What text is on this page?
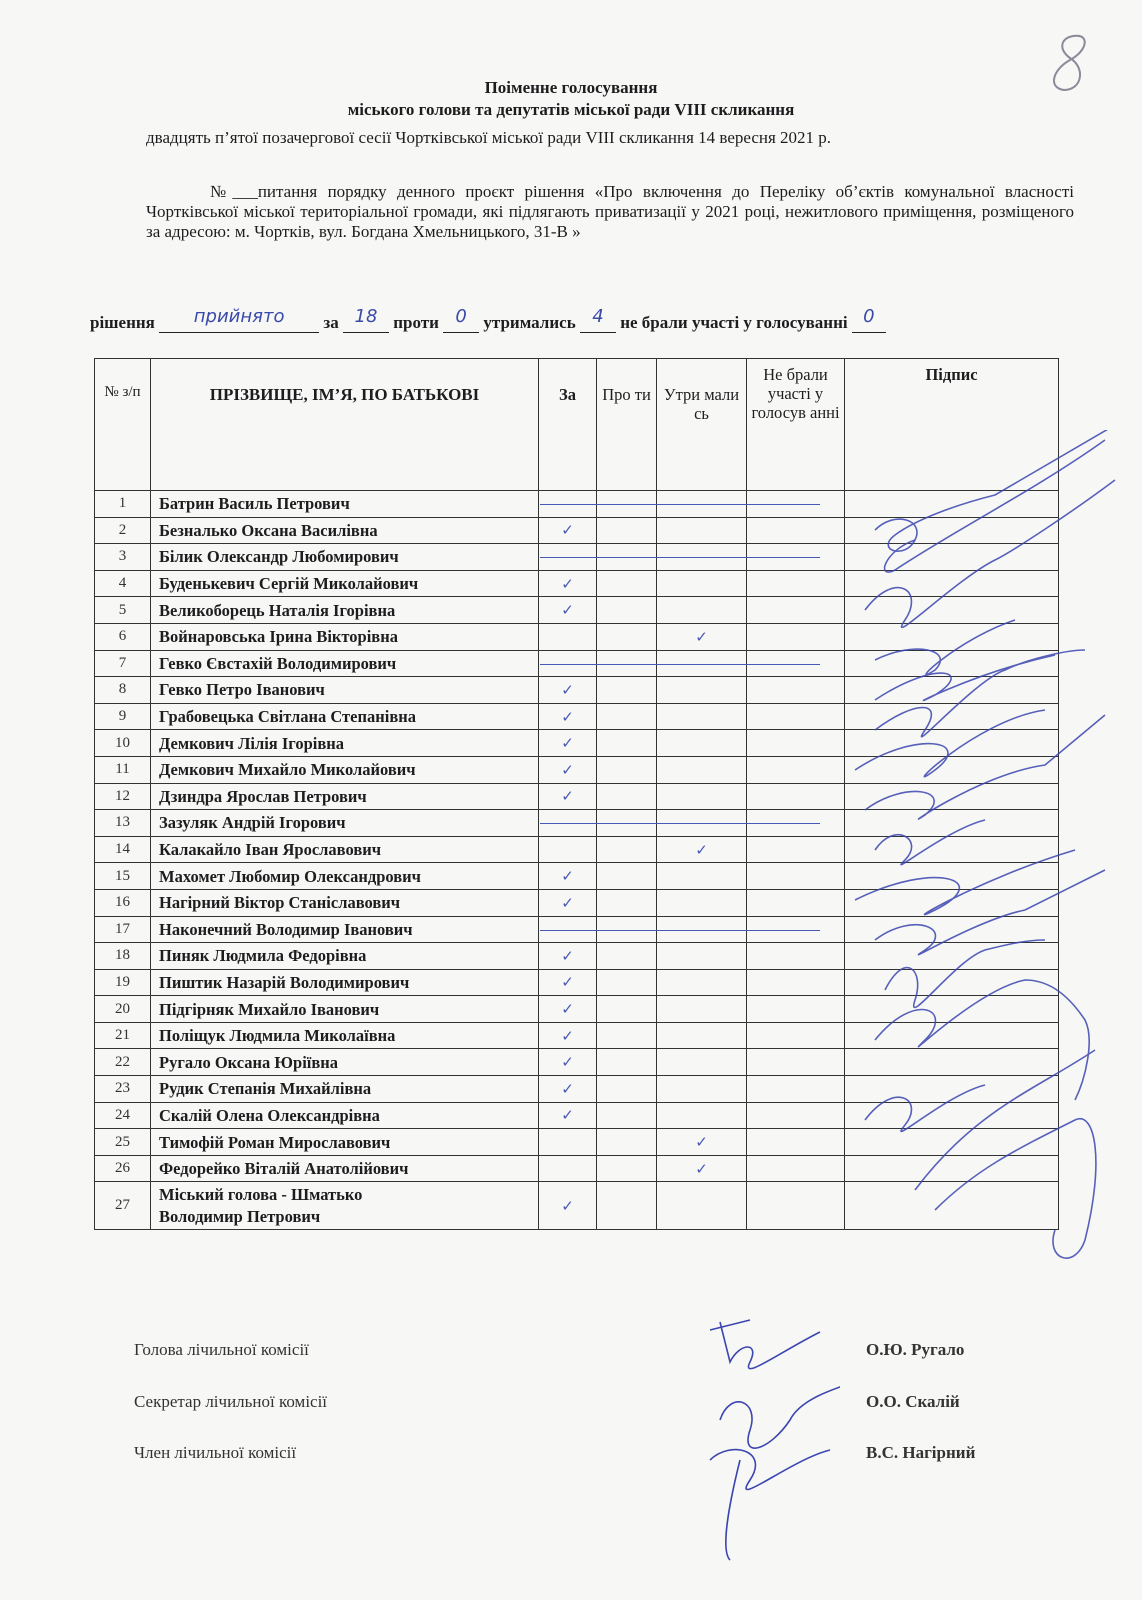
Поіменне голосування
міського голови та депутатів міської ради VIII скликання
двадцять п’ятої позачергової сесії Чортківської міської ради VIII скликання 14 вересня 2021 р.
№___питання порядку денного проєкт рішення «Про включення до Переліку об’єктів комунальної власності Чортківської міської територіальної громади, які підлягають приватизації у 2021 році, нежитлового приміщення, розміщеного за адресою: м. Чортків, вул. Богдана Хмельницького, 31-В »
рішення прийнято за 18 проти 0 утримались 4 не брали участі у голосуванні 0
№ з/п	ПРІЗВИЩЕ, ІМ’Я, ПО БАТЬКОВІ	За	Про ти	Утри мали сь	Не брали участі у голосув анні	Підпис
1	Батрин Василь Петрович					
2	Безналько Оксана Василівна	✓				
3	Білик Олександр Любомирович					
4	Буденькевич Сергій Миколайович	✓				
5	Великоборець Наталія Ігорівна	✓				
6	Войнаровська Ірина Вікторівна			✓		
7	Гевко Євстахій Володимирович					
8	Гевко Петро Іванович	✓				
9	Грабовецька Світлана Степанівна	✓				
10	Демкович Лілія Ігорівна	✓				
11	Демкович Михайло Миколайович	✓				
12	Дзиндра Ярослав Петрович	✓				
13	Зазуляк Андрій Ігорович					
14	Калакайло Іван Ярославович			✓		
15	Махомет Любомир Олександрович	✓				
16	Нагірний Віктор Станіславович	✓				
17	Наконечний Володимир Іванович					
18	Пиняк Людмила Федорівна	✓				
19	Пиштик Назарій Володимирович	✓				
20	Підгірняк Михайло Іванович	✓				
21	Поліщук Людмила Миколаївна	✓				
22	Ругало Оксана Юріївна	✓				
23	Рудик Степанія Михайлівна	✓				
24	Скалій Олена Олександрівна	✓				
25	Тимофій Роман Мирославович			✓		
26	Федорейко Віталій Анатолійович			✓		
27	Міський голова - Шматько
Володимир Петрович	✓				
Голова лічильної комісії
Секретар лічильної комісії
Член лічильної комісії
О.Ю. Ругало
О.О. Скалій
В.С. Нагірний
